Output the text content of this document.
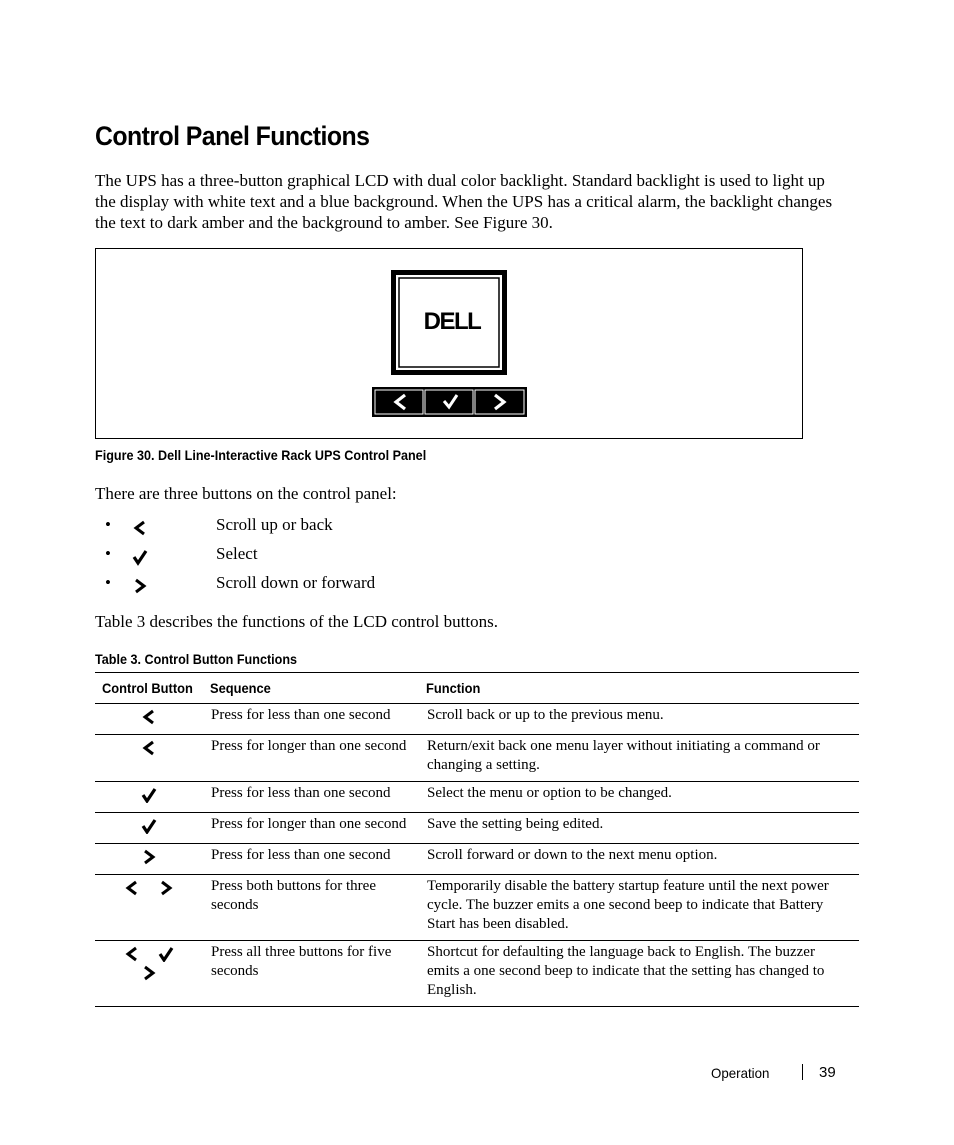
Control Panel Functions

The UPS has a three-button graphical LCD with dual color backlight. Standard backlight is used to light up the display with white text and a blue background. When the UPS has a critical alarm, the backlight changes the text to dark amber and the background to amber. See Figure 30.

DELL
Figure 30. Dell Line-Interactive Rack UPS Control Panel

There are three buttons on the control panel:

•	Scroll up or back
•	Select
•	Scroll down or forward

Table 3 describes the functions of the LCD control buttons.

Table 3. Control Button Functions
Control Button	Sequence	Function
	Press for less than one second	Scroll back or up to the previous menu.
	Press for longer than one second	Return/exit back one menu layer without initiating a command or changing a setting.
	Press for less than one second	Select the menu or option to be changed.
	Press for longer than one second	Save the setting being edited.
	Press for less than one second	Scroll forward or down to the next menu option.
	Press both buttons for three seconds	Temporarily disable the battery startup feature until the next power cycle. The buzzer emits a one second beep to indicate that Battery Start has been disabled.
	Press all three buttons for five seconds	Shortcut for defaulting the language back to English. The buzzer emits a one second beep to indicate that the setting has changed to English.
Operation	39
